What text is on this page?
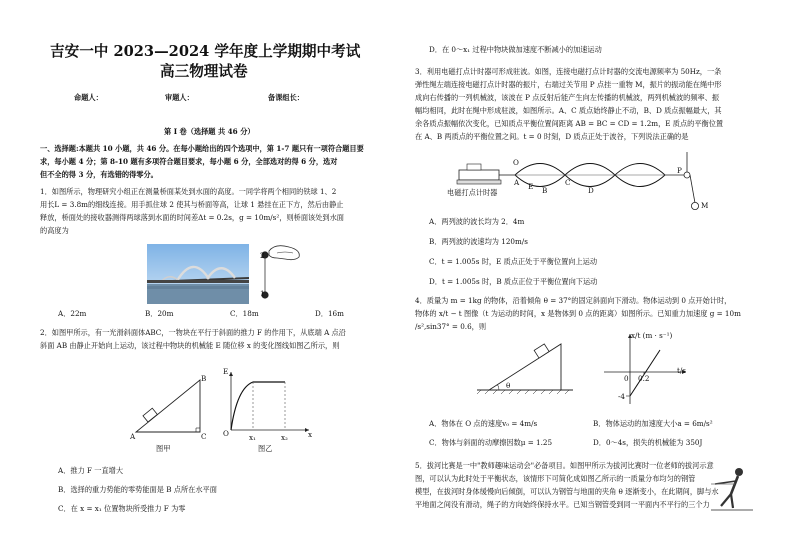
吉安一中 2023—2024 学年度上学期期中考试
高三物理试卷
命题人：	审题人：	备课组长：
第 I 卷（选择题 共 46 分）
一、选择题:本题共 10 小题，共 46 分。在每小题给出的四个选项中，第 1-7 题只有一项符合题目要
求，每小题 4 分；第 8-10 题有多项符合题目要求，每小题 6 分，全部选对的得 6 分，选对
但不全的得 3 分，有选错的得零分。
1．如图所示，物理研究小组正在测量桥面某处到水面的高度。一同学将两个相同的铁球 1、2
用长L = 3.8m的细线连接。用手抓住球 2 使其与桥面等高，让球 1 悬挂在正下方，然后由静止
释放，桥面处的接收器测得两球落到水面的时间差Δt = 0.2s，g = 10m/s²，则桥面该处到水面
的高度为
2
1
A．22m	B．20m	C．18m	D．16m
2．如图甲所示，有一光滑斜面体ABC，一物块在平行于斜面的推力 F 的作用下，从底端 A 点沿
斜面 AB 由静止开始向上运动，该过程中物块的机械能 E 随位移 x 的变化图线如图乙所示，则
A
B
C
图甲
E
O	x₁	x₂	x
图乙
A．推力 F 一直增大
B．选择的重力势能的零势能面是 B 点所在水平面
C．在 x = x₁ 位置物块所受推力 F 为零
D．在 0～x₁ 过程中物块做加速度不断减小的加速运动
3．利用电磁打点计时器可形成驻波。如图，连接电磁打点计时器的交流电源频率为 50Hz，一条
弹性绳左端连接电磁打点计时器的振片，右端过关节用 P 点挂一重物 M，振片的振动能在绳中形
成向右传播的一列机械波，该波在 P 点反射后能产生向左传播的机械波，两列机械波的频率、振
幅均相同，此时在绳中形成驻波，如图所示。A、C 质点始终静止不动，B、D 质点振幅最大，其
余各质点振幅依次变化，已知质点平衡位置间距离 AB = BC = CD = 1.2m，E 质点的平衡位置
在 A、B 两质点的平衡位置之间。t = 0 时刻，D 质点正处于波谷，下列说法正确的是
电磁打点计时器
O
A E B
C
D
P
M
A．两列波的波长均为 2．4m
B．两列波的波速均为 120m/s
C．t = 1.005s 时，E 质点正处于平衡位置向上运动
D．t = 1.005s 时，B 质点正位于平衡位置向下运动
4．质量为 m = 1kg 的物体，沿着倾角 θ = 37°的固定斜面向下滑动。物体运动到 0 点开始计时，
物体的 x/t − t 图像（t 为运动的时间，x 是物体到 0 点的距离）如图所示。已知重力加速度 g = 10m
/s²,sin37° = 0.6，则
θ
x/t (m · s⁻¹)
t/s
-4
0.2
0
A．物体在 O 点的速度v₀ = 4m/s	B．物体运动的加速度大小a = 6m/s²
C．物体与斜面的动摩擦因数μ = 1.25	D．0～4s，损失的机械能为 350J
5．拔河比赛是一中"教师趣味运动会"必备项目。如图甲所示为拔河比赛时一位老师的拔河示意
图，可以认为此时处于平衡状态，该情形下可简化成如图乙所示的一质量分布均匀的钢管
模型，在拔河时身体缓慢向后倾倒，可以认为钢管与地面的夹角 θ 逐渐变小，在此期间，脚与水
平地面之间没有滑动，绳子的方向始终保持水平。已知当钢管受到同一平面内不平行的三个力
